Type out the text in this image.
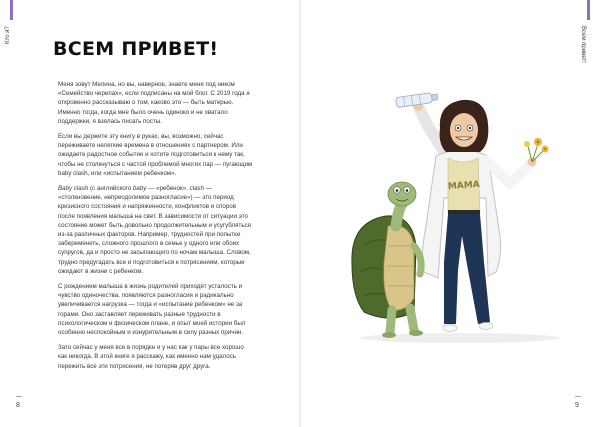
Кто я?
8
ВСЕМ ПРИВЕТ!

Меня зовут Мелина, но вы, наверное, знаете меня под ником «Семейство черепах», если подписаны на мой блог. С 2019 года я откровенно рассказываю о том, каково это — быть матерью. Именно тогда, когда мне было очень одиноко и не хватало поддержки, я взялась писать посты.

Если вы держите эту книгу в руках, вы, возможно, сейчас переживаете нелегкие времена в отношениях с партнером. Или ожидаете радостное событие и хотите подготовиться к нему так, чтобы не столкнуться с частой проблемой многих пар — пугающим baby clash, или «испытанием ребенком».

Baby clash (с английского baby — «ребенок», clash — «столкновение, непреодолимое разногласие») — это период кризисного состояния и напряженности, конфликтов и споров после появления малыша на свет. В зависимости от ситуации это состояние может быть довольно продолжительным и усугубляться из-за различных факторов. Например, трудностей при попытке забеременеть, сложного прошлого в семье у одного или обоих супругов, да и просто не засыпающего по ночам малыша. Словом, трудно предугадать все и подготовиться к потрясениям, которые ожидают в жизни с ребенком.

С рождением малыша в жизнь родителей приходят усталость и чувство одиночества, появляются разногласия и радикально увеличивается нагрузка — тогда и «испытание ребенком» не за горами. Оно заставляет переживать разные трудности в психологическом и физическом плане, и опыт моей истории был особенно неспокойным и изнурительным в силу разных причин.

Зато сейчас у меня все в порядке и у нас как у пары все хорошо как никогда. В этой книге я расскажу, как именно нам удалось пережить все эти потрясения, не потеряв друг друга.

Всем привет!
9
MAMA
